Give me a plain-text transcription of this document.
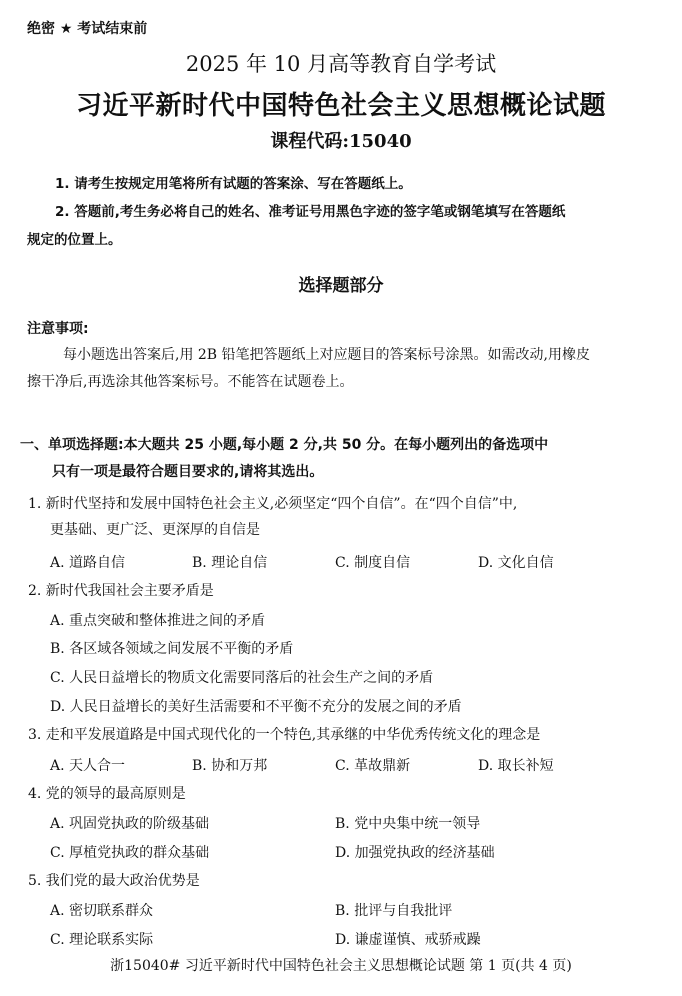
绝密 ★ 考试结束前
2025 年 10 月高等教育自学考试
习近平新时代中国特色社会主义思想概论试题
课程代码:15040
1. 请考生按规定用笔将所有试题的答案涂、写在答题纸上。
2. 答题前,考生务必将自己的姓名、准考证号用黑色字迹的签字笔或钢笔填写在答题纸
规定的位置上。
选择题部分
注意事项:
每小题选出答案后,用 2B 铅笔把答题纸上对应题目的答案标号涂黑。如需改动,用橡皮
擦干净后,再选涂其他答案标号。不能答在试题卷上。
一、单项选择题:本大题共 25 小题,每小题 2 分,共 50 分。在每小题列出的备选项中
只有一项是最符合题目要求的,请将其选出。
1. 新时代坚持和发展中国特色社会主义,必须坚定“四个自信”。在“四个自信”中,
更基础、更广泛、更深厚的自信是
A. 道路自信	B. 理论自信	C. 制度自信	D. 文化自信
2. 新时代我国社会主要矛盾是
A. 重点突破和整体推进之间的矛盾
B. 各区域各领域之间发展不平衡的矛盾
C. 人民日益增长的物质文化需要同落后的社会生产之间的矛盾
D. 人民日益增长的美好生活需要和不平衡不充分的发展之间的矛盾
3. 走和平发展道路是中国式现代化的一个特色,其承继的中华优秀传统文化的理念是
A. 天人合一	B. 协和万邦	C. 革故鼎新	D. 取长补短
4. 党的领导的最高原则是
A. 巩固党执政的阶级基础	B. 党中央集中统一领导
C. 厚植党执政的群众基础	D. 加强党执政的经济基础
5. 我们党的最大政治优势是
A. 密切联系群众	B. 批评与自我批评
C. 理论联系实际	D. 谦虚谨慎、戒骄戒躁
浙15040# 习近平新时代中国特色社会主义思想概论试题 第 1 页(共 4 页)
